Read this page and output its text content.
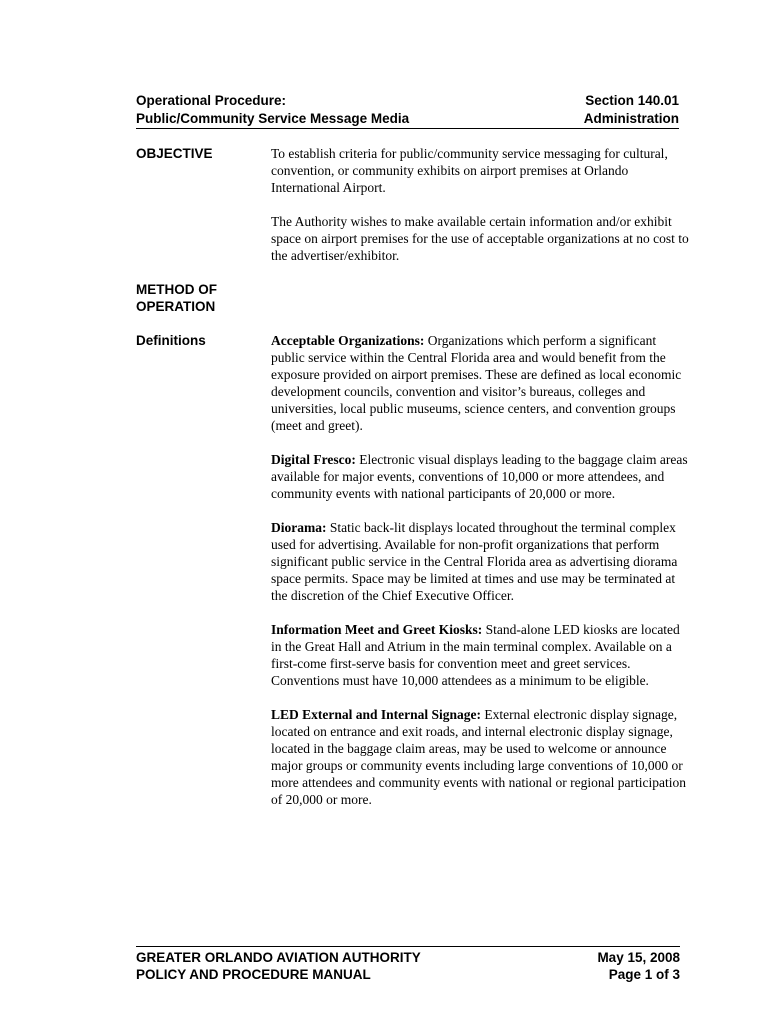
Operational Procedure:	Section 140.01
Public/Community Service Message Media	Administration
OBJECTIVE	To establish criteria for public/community service messaging for cultural, convention, or community exhibits on airport premises at Orlando International Airport.

The Authority wishes to make available certain information and/or exhibit space on airport premises for the use of acceptable organizations at no cost to the advertiser/exhibitor.

METHOD OF
OPERATION
Definitions	Acceptable Organizations: Organizations which perform a significant public service within the Central Florida area and would benefit from the exposure provided on airport premises. These are defined as local economic development councils, convention and visitor’s bureaus, colleges and universities, local public museums, science centers, and convention groups (meet and greet).

Digital Fresco: Electronic visual displays leading to the baggage claim areas available for major events, conventions of 10,000 or more attendees, and community events with national participants of 20,000 or more.

Diorama: Static back-lit displays located throughout the terminal complex used for advertising. Available for non-profit organizations that perform significant public service in the Central Florida area as advertising diorama space permits. Space may be limited at times and use may be terminated at the discretion of the Chief Executive Officer.

Information Meet and Greet Kiosks: Stand-alone LED kiosks are located in the Great Hall and Atrium in the main terminal complex. Available on a first-come first-serve basis for convention meet and greet services. Conventions must have 10,000 attendees as a minimum to be eligible.

LED External and Internal Signage: External electronic display signage, located on entrance and exit roads, and internal electronic display signage, located in the baggage claim areas, may be used to welcome or announce major groups or community events including large conventions of 10,000 or more attendees and community events with national or regional participation of 20,000 or more.

GREATER ORLANDO AVIATION AUTHORITY	May 15, 2008
POLICY AND PROCEDURE MANUAL	Page 1 of 3
